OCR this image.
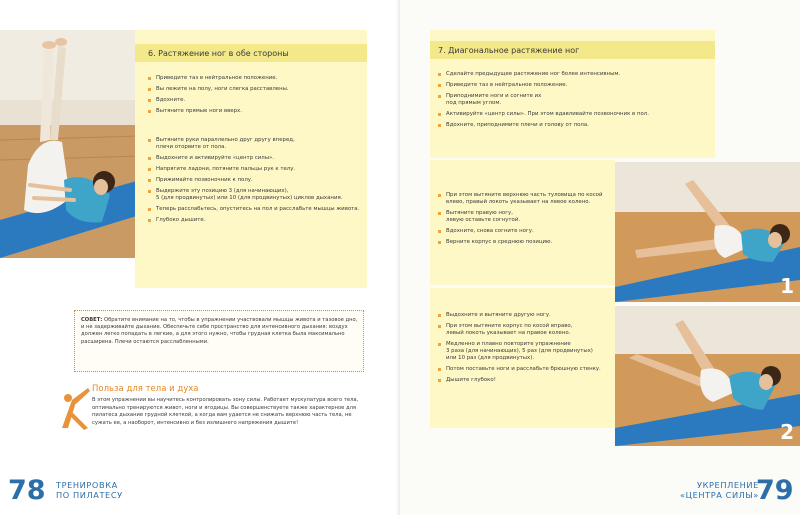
6. Растяжение ног в обе стороны
Приведите таз в нейтральное положение.
Вы лежите на полу, ноги слегка расставлены.
Вдохните.
Вытяните прямые ноги вверх.
Вытяните руки параллельно друг другу вперед,
плечи оторвите от пола.
Выдохните и активируйте «центр силы».
Напрягите ладони, потяните пальцы рук к телу.
Прижимайте позвоночник к полу.
Выдержите эту позицию 3 (для начинающих),
5 (для продвинутых) или 10 (для продвинутых) циклов дыхания.
Теперь расслабьтесь, опуститесь на пол и расслабьте мышцы живота.
Глубоко дышите.
СОВЕТ: Обратите внимание на то, чтобы в упражнении участвовали мышцы живота и тазовое дно, и не задерживайте дыхание. Обеспечьте себе пространство для интенсивного дыхания: воздух должен легко попадать в легкие, а для этого нужно, чтобы грудная клетка была максимально расширена. Плечи остаются расслабленными.
Польза для тела и духа
В этом упражнении вы научитесь контролировать зону силы. Работает мускулатура всего тела, оптимально тренируются живот, ноги и ягодицы. Вы совершенствуете также характерное для пилатеса дыхание грудной клеткой, а когда вам удается не снижать верхнюю часть тела, не сужать ее, а наоборот, интенсивно и без излишнего напряжения дышите!
78 ТРЕНИРОВКА
ПО ПИЛАТЕСУ
7. Диагональное растяжение ног
Сделайте предыдущее растяжение ног более интенсивным.
Приведите таз в нейтральное положение.
Приподнимите ноги и согните их
под прямым углом.
Активируйте «центр силы». При этом вдавливайте позвоночник в пол.
Вдохните, приподнимите плечи и голову от пола.
При этом вытяните верхнюю часть туловища по косой
влево, правый локоть указывает на левое колено.
Вытяните правую ногу,
левую оставьте согнутой.
Вдохните, снова согните ногу.
Верните корпус в среднюю позицию.
Выдохните и вытяните другую ногу.
При этом вытяните корпус по косой вправо,
левый локоть указывает на правое колено.
Медленно и плавно повторите упражнение
3 раза (для начинающих), 5 раз (для продвинутых)
или 10 раз (для продвинутых).
Потом поставьте ноги и расслабьте брюшную стенку.
Дышите глубоко!
1
2
УКРЕПЛЕНИЕ
«ЦЕНТРА СИЛЫ»
79
